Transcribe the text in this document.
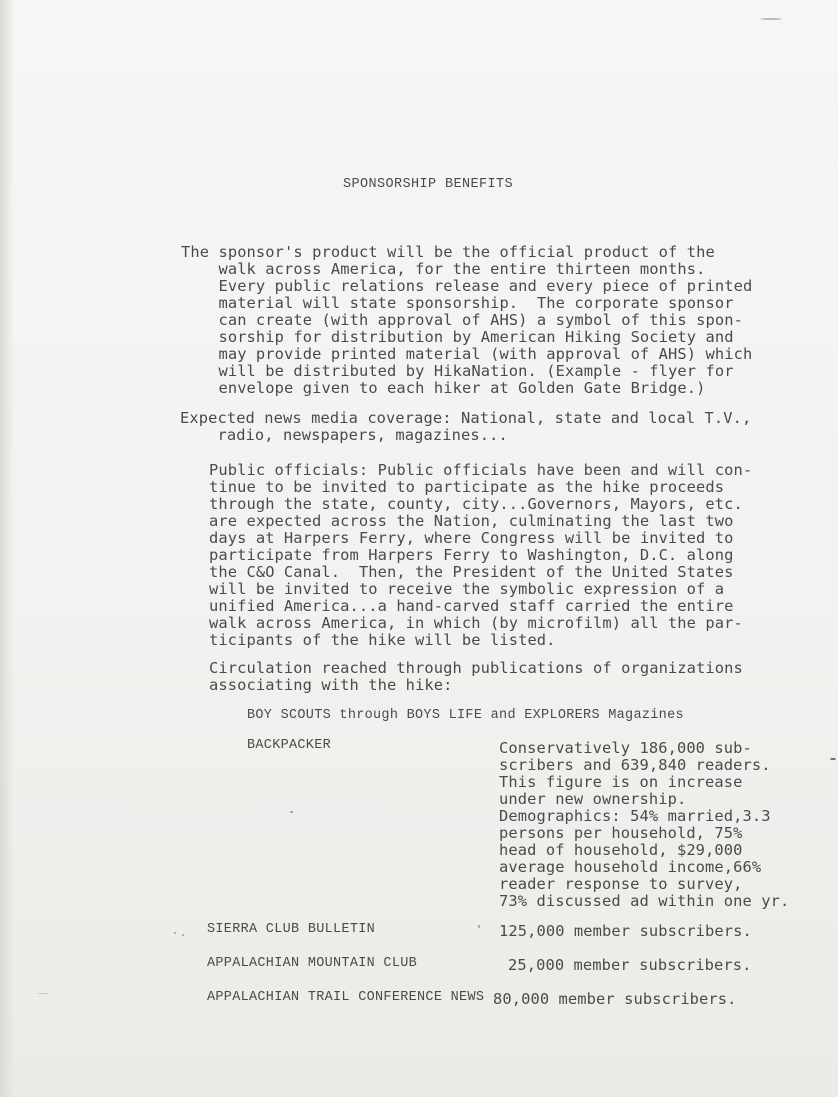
SPONSORSHIP BENEFITS
The sponsor's product will be the official product of the
walk across America, for the entire thirteen months.
Every public relations release and every piece of printed
material will state sponsorship.  The corporate sponsor
can create (with approval of AHS) a symbol of this spon-
sorship for distribution by American Hiking Society and
may provide printed material (with approval of AHS) which
will be distributed by HikaNation. (Example - flyer for
envelope given to each hiker at Golden Gate Bridge.)
Expected news media coverage: National, state and local T.V.,
radio, newspapers, magazines...
Public officials: Public officials have been and will con-
tinue to be invited to participate as the hike proceeds
through the state, county, city...Governors, Mayors, etc.
are expected across the Nation, culminating the last two
days at Harpers Ferry, where Congress will be invited to
participate from Harpers Ferry to Washington, D.C. along
the C&O Canal.  Then, the President of the United States
will be invited to receive the symbolic expression of a
unified America...a hand-carved staff carried the entire
walk across America, in which (by microfilm) all the par-
ticipants of the hike will be listed.
Circulation reached through publications of organizations
associating with the hike:
BOY SCOUTS through BOYS LIFE and EXPLORERS Magazines
BACKPACKER	Conservatively 186,000 sub-
scribers and 639,840 readers.
This figure is on increase
under new ownership.
Demographics: 54% married,3.3
persons per household, 75%
head of household, $29,000
average household income,66%
reader response to survey,
73% discussed ad within one yr.
SIERRA CLUB BULLETIN	125,000 member subscribers.
APPALACHIAN MOUNTAIN CLUB	25,000 member subscribers.
APPALACHIAN TRAIL CONFERENCE NEWS 80,000 member subscribers.
